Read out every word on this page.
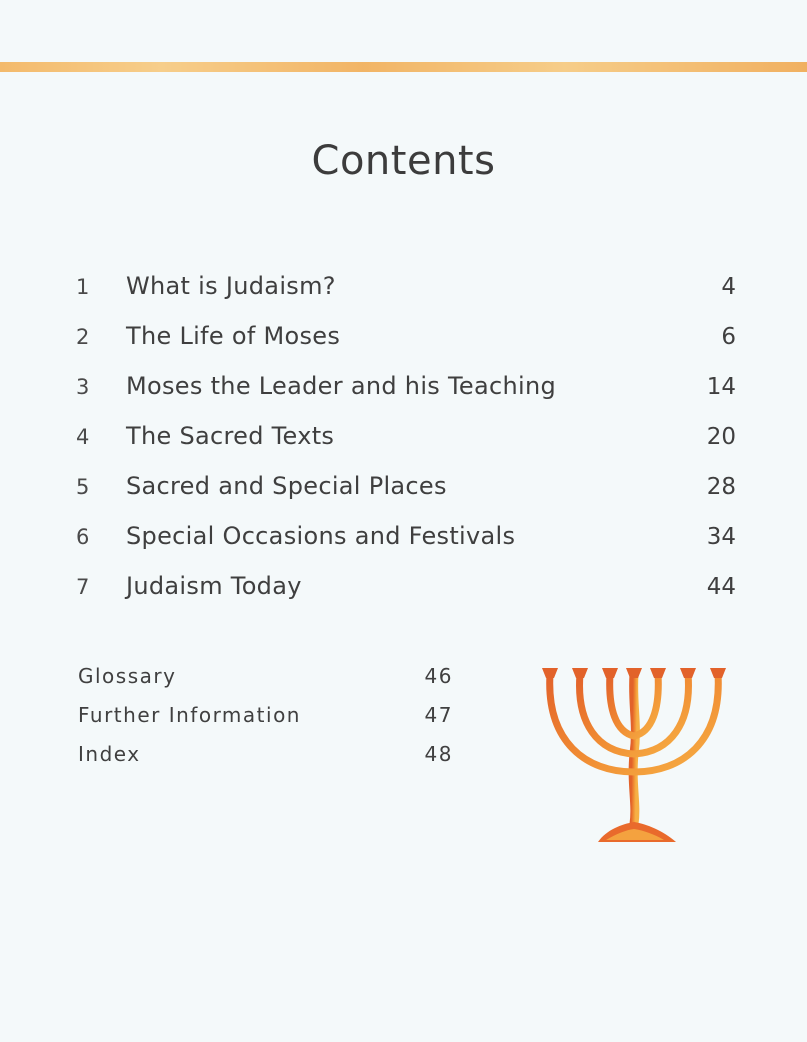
Contents
1	What is Judaism?	4
2	The Life of Moses	6
3	Moses the Leader and his Teaching	14
4	The Sacred Texts	20
5	Sacred and Special Places	28
6	Special Occasions and Festivals	34
7	Judaism Today	44
Glossary	46
Further Information	47
Index	48
